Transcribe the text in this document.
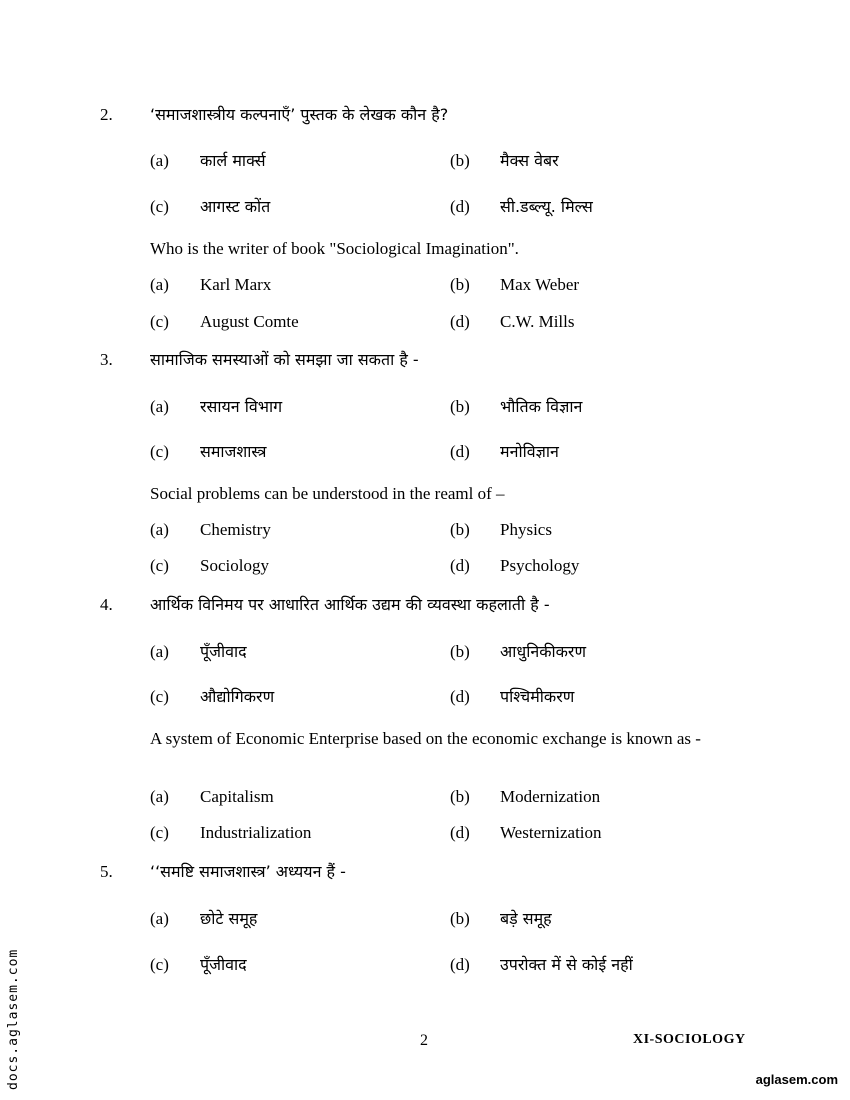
2. ‘समाजशास्त्रीय कल्पनाएँ’ पुस्तक के लेखक कौन है?
(a) कार्ल मार्क्स	(b) मैक्स वेबर
(c) आगस्ट कोंत	(d) सी.डब्ल्यू. मिल्स
Who is the writer of book "Sociological Imagination".
(a) Karl Marx	(b) Max Weber
(c) August Comte	(d) C.W. Mills
3. सामाजिक समस्याओं को समझा जा सकता है -
(a) रसायन विभाग	(b) भौतिक विज्ञान
(c) समाजशास्त्र	(d) मनोविज्ञान
Social problems can be understood in the reaml of –
(a) Chemistry	(b) Physics
(c) Sociology	(d) Psychology
4. आर्थिक विनिमय पर आधारित आर्थिक उद्यम की व्यवस्था कहलाती है -
(a) पूँजीवाद	(b) आधुनिकीकरण
(c) औद्योगिकरण	(d) पश्चिमीकरण
A system of Economic Enterprise based on the economic exchange is known as -
(a) Capitalism	(b) Modernization
(c) Industrialization	(d) Westernization
5. ‘‘समष्टि समाजशास्त्र’ अध्ययन हैं -
(a) छोटे समूह	(b) बड़े समूह
(c) पूँजीवाद	(d) उपरोक्त में से कोई नहीं
2	XI-SOCIOLOGY
aglasem.com
docs.aglasem.com
